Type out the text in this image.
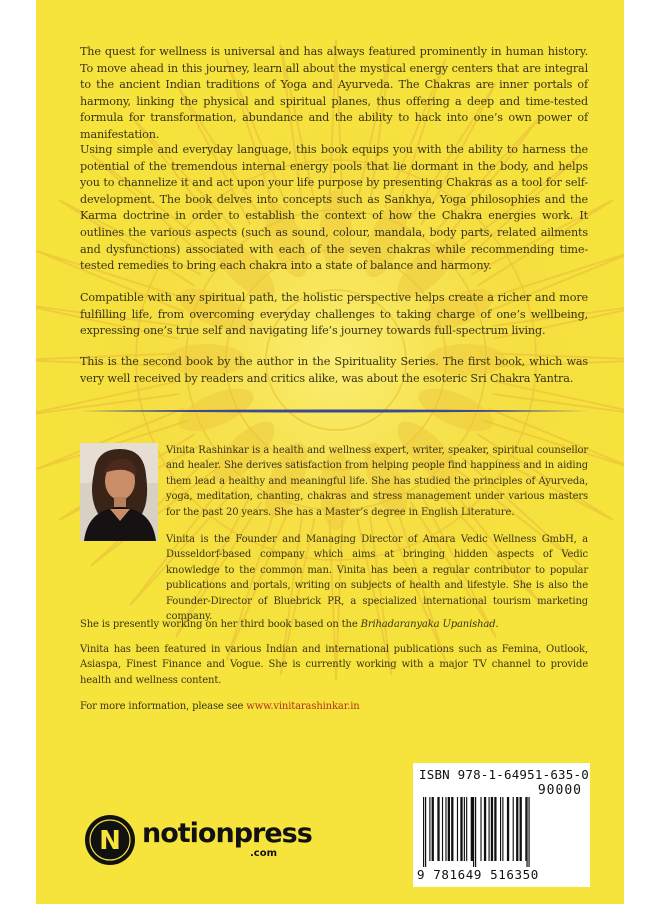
The quest for wellness is universal and has always featured prominently in human history. To move ahead in this journey, learn all about the mystical energy centers that are integral to the ancient Indian traditions of Yoga and Ayurveda. The Chakras are inner portals of harmony, linking the physical and spiritual planes, thus offering a deep and time-tested formula for transformation, abundance and the ability to hack into one’s own power of manifestation.
Using simple and everyday language, this book equips you with the ability to harness the potential of the tremendous internal energy pools that lie dormant in the body, and helps you to channelize it and act upon your life purpose by presenting Chakras as a tool for self-development. The book delves into concepts such as Sankhya, Yoga philosophies and the Karma doctrine in order to establish the context of how the Chakra energies work. It outlines the various aspects (such as sound, colour, mandala, body parts, related ailments and dysfunctions) associated with each of the seven chakras while recommending time-tested remedies to bring each chakra into a state of balance and harmony.
Compatible with any spiritual path, the holistic perspective helps create a richer and more fulfilling life, from overcoming everyday challenges to taking charge of one’s wellbeing, expressing one’s true self and navigating life’s journey towards full-spectrum living.
This is the second book by the author in the Spirituality Series. The first book, which was very well received by readers and critics alike, was about the esoteric Sri Chakra Yantra.
Vinita Rashinkar is a health and wellness expert, writer, speaker, spiritual counsellor and healer. She derives satisfaction from helping people find happiness and in aiding them lead a healthy and meaningful life. She has studied the principles of Ayurveda, yoga, meditation, chanting, chakras and stress management under various masters for the past 20 years. She has a Master’s degree in English Literature.
Vinita is the Founder and Managing Director of Amara Vedic Wellness GmbH, a Dusseldorf-based company which aims at bringing hidden aspects of Vedic knowledge to the common man. Vinita has been a regular contributor to popular publications and portals, writing on subjects of health and lifestyle. She is also the Founder-Director of Bluebrick PR, a specialized international tourism marketing company.
She is presently working on her third book based on the Brihadaranyaka Upanishad.
Vinita has been featured in various Indian and international publications such as Femina, Outlook, Asiaspa, Finest Finance and Vogue. She is currently working with a major TV channel to provide health and wellness content.
For more information, please see www.vinitarashinkar.in
ISBN 978-1-64951-635-0
90000
9 781649 516350
N notionpress
.com
